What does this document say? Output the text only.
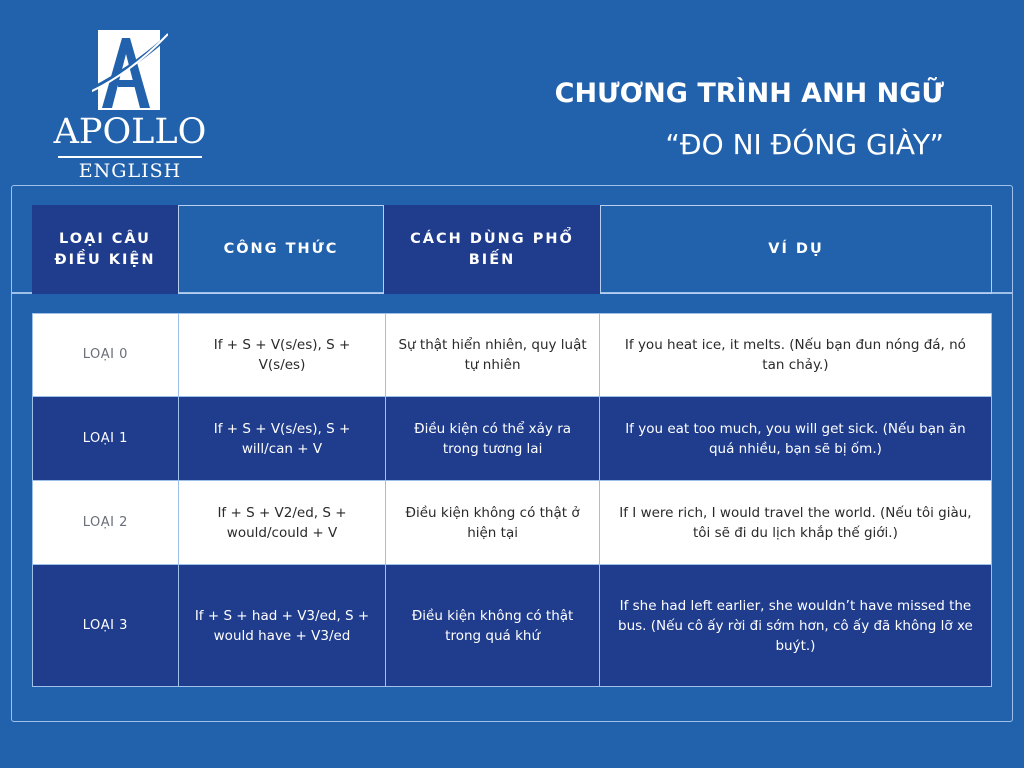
APOLLO
ENGLISH
CHƯƠNG TRÌNH ANH NGỮ
“ĐO NI ĐÓNG GIÀY”
LOẠI CÂU ĐIỀU KIỆN
CÔNG THỨC
CÁCH DÙNG PHỔ BIẾN
VÍ DỤ
LOẠI 0
If + S + V(s/es), S + V(s/es)
Sự thật hiển nhiên, quy luật tự nhiên
If you heat ice, it melts. (Nếu bạn đun nóng đá, nó tan chảy.)
LOẠI 1
If + S + V(s/es), S + will/can + V
Điều kiện có thể xảy ra trong tương lai
If you eat too much, you will get sick. (Nếu bạn ăn quá nhiều, bạn sẽ bị ốm.)
LOẠI 2
If + S + V2/ed, S + would/could + V
Điều kiện không có thật ở hiện tại
If I were rich, I would travel the world. (Nếu tôi giàu, tôi sẽ đi du lịch khắp thế giới.)
LOẠI 3
If + S + had + V3/ed, S + would have + V3/ed
Điều kiện không có thật trong quá khứ
If she had left earlier, she wouldn’t have missed the bus. (Nếu cô ấy rời đi sớm hơn, cô ấy đã không lỡ xe buýt.)
